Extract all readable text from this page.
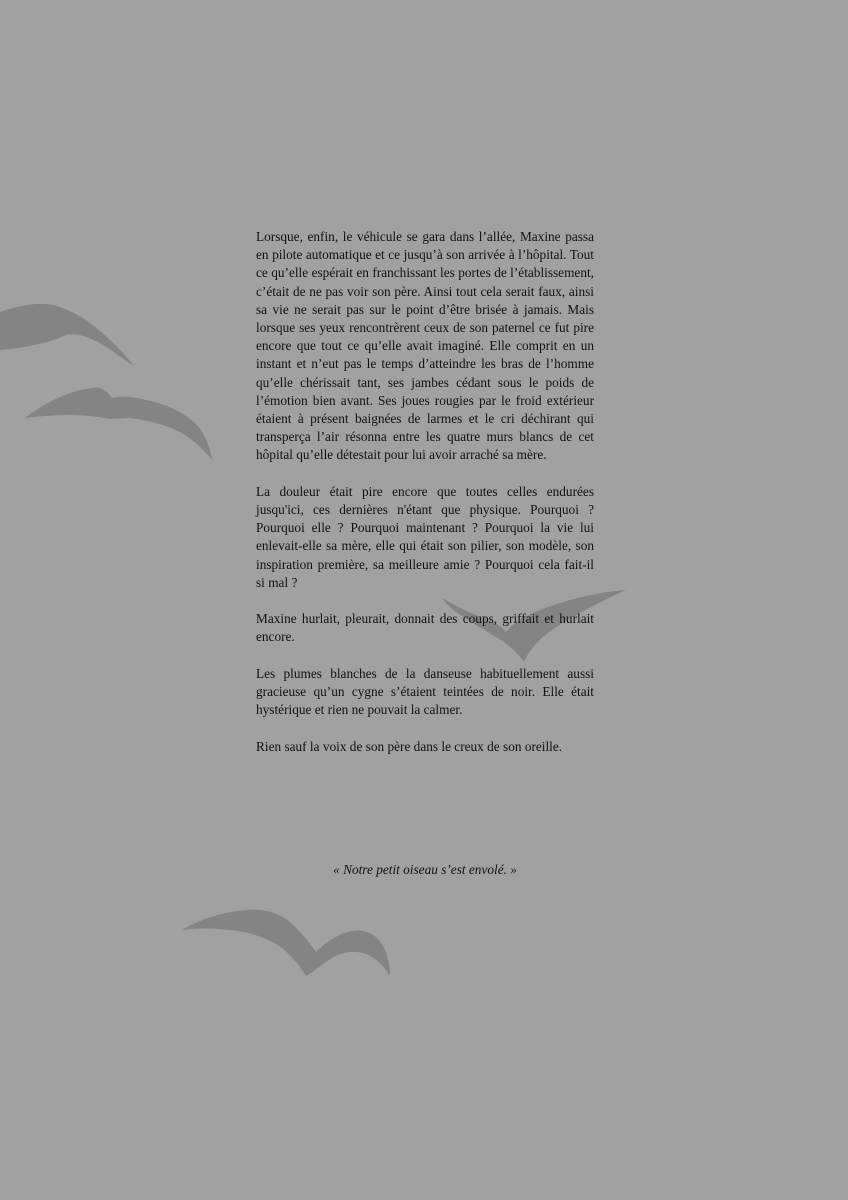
Lorsque, enfin, le véhicule se gara dans l’allée, Maxine passa en pilote automatique et ce jusqu’à son arrivée à l’hôpital. Tout ce qu’elle espérait en franchissant les portes de l’établissement, c’était de ne pas voir son père. Ainsi tout cela serait faux, ainsi sa vie ne serait pas sur le point d’être brisée à jamais. Mais lorsque ses yeux rencontrèrent ceux de son paternel ce fut pire encore que tout ce qu’elle avait imaginé. Elle comprit en un instant et n’eut pas le temps d’atteindre les bras de l’homme qu’elle chérissait tant, ses jambes cédant sous le poids de l’émotion bien avant. Ses joues rougies par le froid extérieur étaient à présent baignées de larmes et le cri déchirant qui transperça l’air résonna entre les quatre murs blancs de cet hôpital qu’elle détestait pour lui avoir arraché sa mère.

La douleur était pire encore que toutes celles endurées jusqu'ici, ces dernières n'étant que physique. Pourquoi ? Pourquoi elle ? Pourquoi maintenant ? Pourquoi la vie lui enlevait-elle sa mère, elle qui était son pilier, son modèle, son inspiration première, sa meilleure amie ? Pourquoi cela fait-il si mal ?

Maxine hurlait, pleurait, donnait des coups, griffait et hurlait encore.

Les plumes blanches de la danseuse habituellement aussi gracieuse qu’un cygne s’étaient teintées de noir. Elle était hystérique et rien ne pouvait la calmer.

Rien sauf la voix de son père dans le creux de son oreille.

« Notre petit oiseau s’est envolé. »
